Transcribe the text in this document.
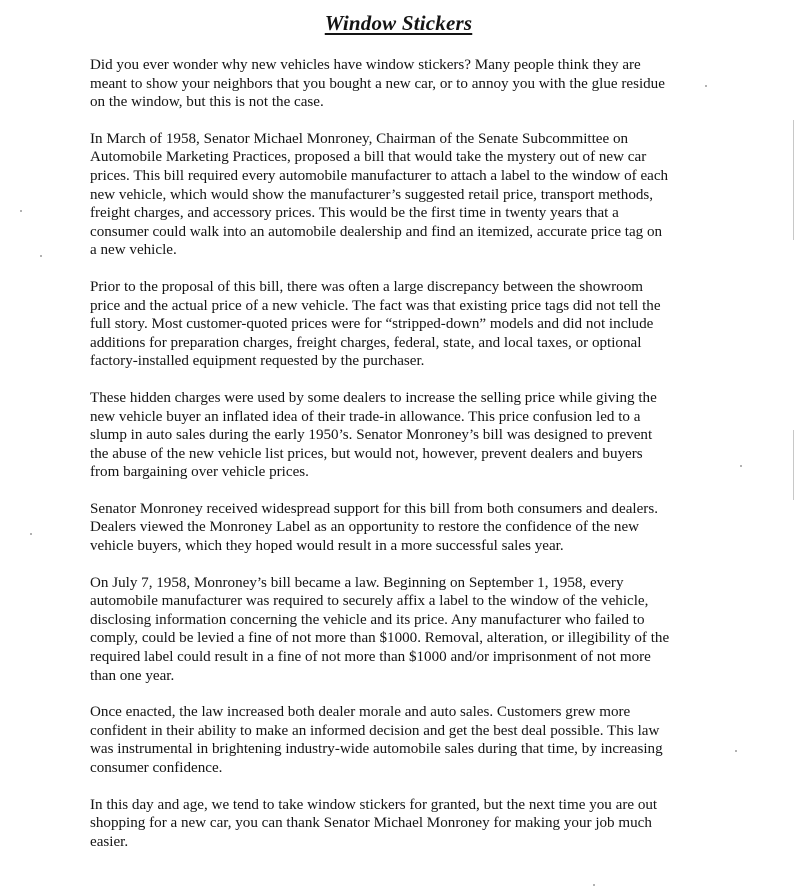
Window Stickers

Did you ever wonder why new vehicles have window stickers? Many people think they are meant to show your neighbors that you bought a new car, or to annoy you with the glue residue on the window, but this is not the case.

In March of 1958, Senator Michael Monroney, Chairman of the Senate Subcommittee on Automobile Marketing Practices, proposed a bill that would take the mystery out of new car prices. This bill required every automobile manufacturer to attach a label to the window of each new vehicle, which would show the manufacturer’s suggested retail price, transport methods, freight charges, and accessory prices. This would be the first time in twenty years that a consumer could walk into an automobile dealership and find an itemized, accurate price tag on a new vehicle.

Prior to the proposal of this bill, there was often a large discrepancy between the showroom price and the actual price of a new vehicle. The fact was that existing price tags did not tell the full story. Most customer-quoted prices were for “stripped-down” models and did not include additions for preparation charges, freight charges, federal, state, and local taxes, or optional factory-installed equipment requested by the purchaser.

These hidden charges were used by some dealers to increase the selling price while giving the new vehicle buyer an inflated idea of their trade-in allowance. This price confusion led to a slump in auto sales during the early 1950’s. Senator Monroney’s bill was designed to prevent the abuse of the new vehicle list prices, but would not, however, prevent dealers and buyers from bargaining over vehicle prices.

Senator Monroney received widespread support for this bill from both consumers and dealers. Dealers viewed the Monroney Label as an opportunity to restore the confidence of the new vehicle buyers, which they hoped would result in a more successful sales year.

On July 7, 1958, Monroney’s bill became a law. Beginning on September 1, 1958, every automobile manufacturer was required to securely affix a label to the window of the vehicle, disclosing information concerning the vehicle and its price. Any manufacturer who failed to comply, could be levied a fine of not more than $1000. Removal, alteration, or illegibility of the required label could result in a fine of not more than $1000 and/or imprisonment of not more than one year.

Once enacted, the law increased both dealer morale and auto sales. Customers grew more confident in their ability to make an informed decision and get the best deal possible. This law was instrumental in brightening industry-wide automobile sales during that time, by increasing consumer confidence.

In this day and age, we tend to take window stickers for granted, but the next time you are out shopping for a new car, you can thank Senator Michael Monroney for making your job much easier.
